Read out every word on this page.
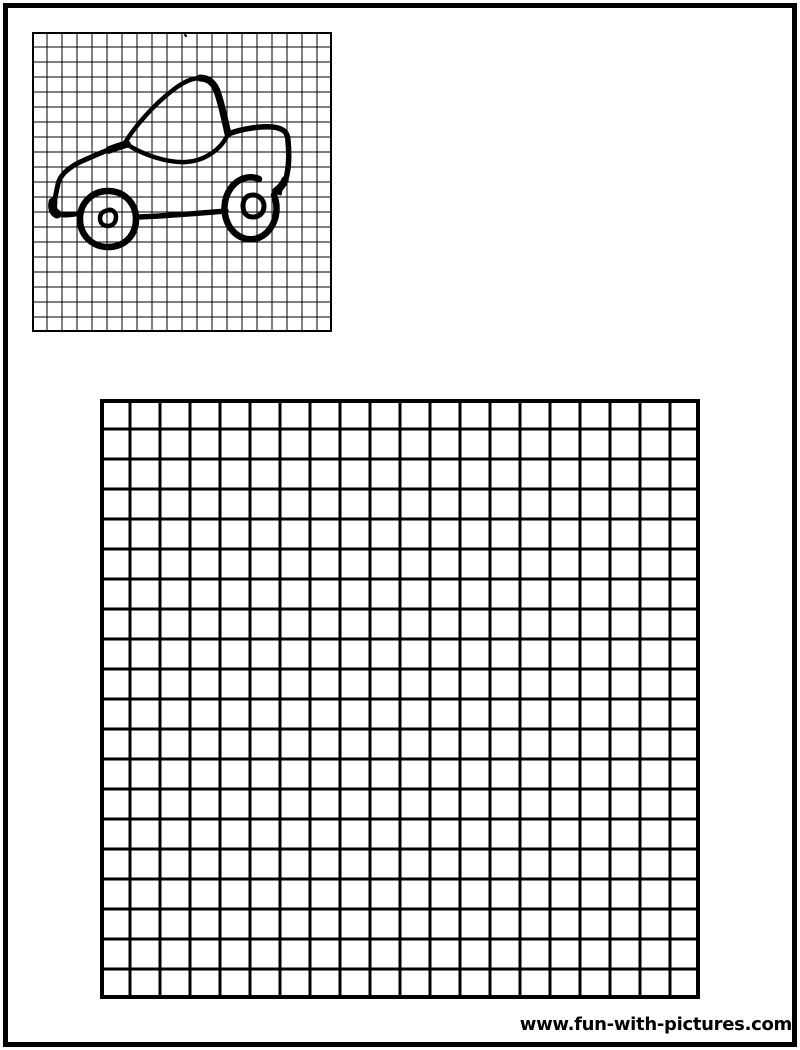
www.fun-with-pictures.com
